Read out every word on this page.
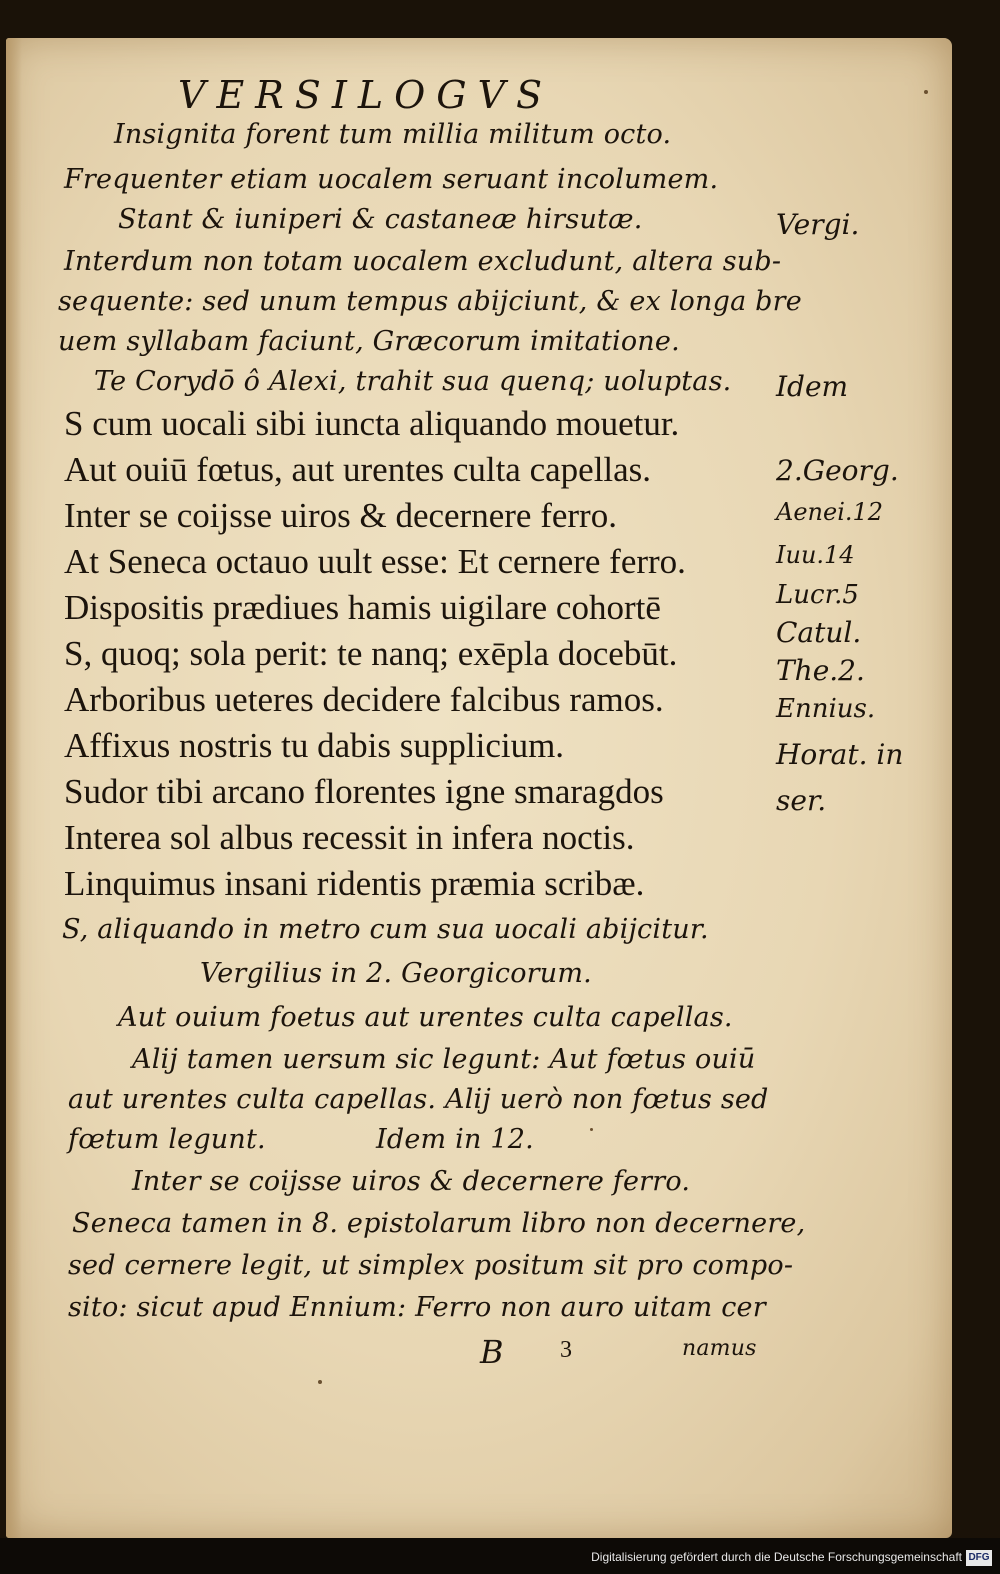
VERSILOGVS
Insignita forent tum millia militum octo.
Frequenter etiam uocalem seruant incolumem.
Stant & iuniperi & castaneæ hirsutæ.
Interdum non totam uocalem excludunt, altera sub-
sequente: sed unum tempus abijciunt, & ex longa bre
uem syllabam faciunt, Græcorum imitatione.
Te Corydō ô Alexi, trahit sua quenq; uoluptas.
S cum uocali sibi iuncta aliquando mouetur.
Aut ouiū fœtus, aut urentes culta capellas.
Inter se coijsse uiros & decernere ferro.
At Seneca octauo uult esse: Et cernere ferro.
Dispositis prædiues hamis uigilare cohortē
S, quoq; sola perit: te nanq; exēpla docebūt.
Arboribus ueteres decidere falcibus ramos.
Affixus nostris tu dabis supplicium.
Sudor tibi arcano florentes igne smaragdos
Interea sol albus recessit in infera noctis.
Linquimus insani ridentis præmia scribæ.
S, aliquando in metro cum sua uocali abijcitur.
Vergilius in 2. Georgicorum.
Aut ouium foetus aut urentes culta capellas.
Alij tamen uersum sic legunt: Aut fœtus ouiū
aut urentes culta capellas. Alij uerò non fœtus sed
fœtum legunt.	Idem in 12.
Inter se coijsse uiros & decernere ferro.
Seneca tamen in 8. epistolarum libro non decernere,
sed cernere legit, ut simplex positum sit pro compo-
sito: sicut apud Ennium: Ferro non auro uitam cer
B 3	namus
Vergi.
Idem
2.Georg.
Aenei.12
Iuu.14
Lucr.5
Catul.
The.2.
Ennius.
Horat. in
ser.
Digitalisierung gefördert durch die Deutsche Forschungsgemeinschaft DFG
